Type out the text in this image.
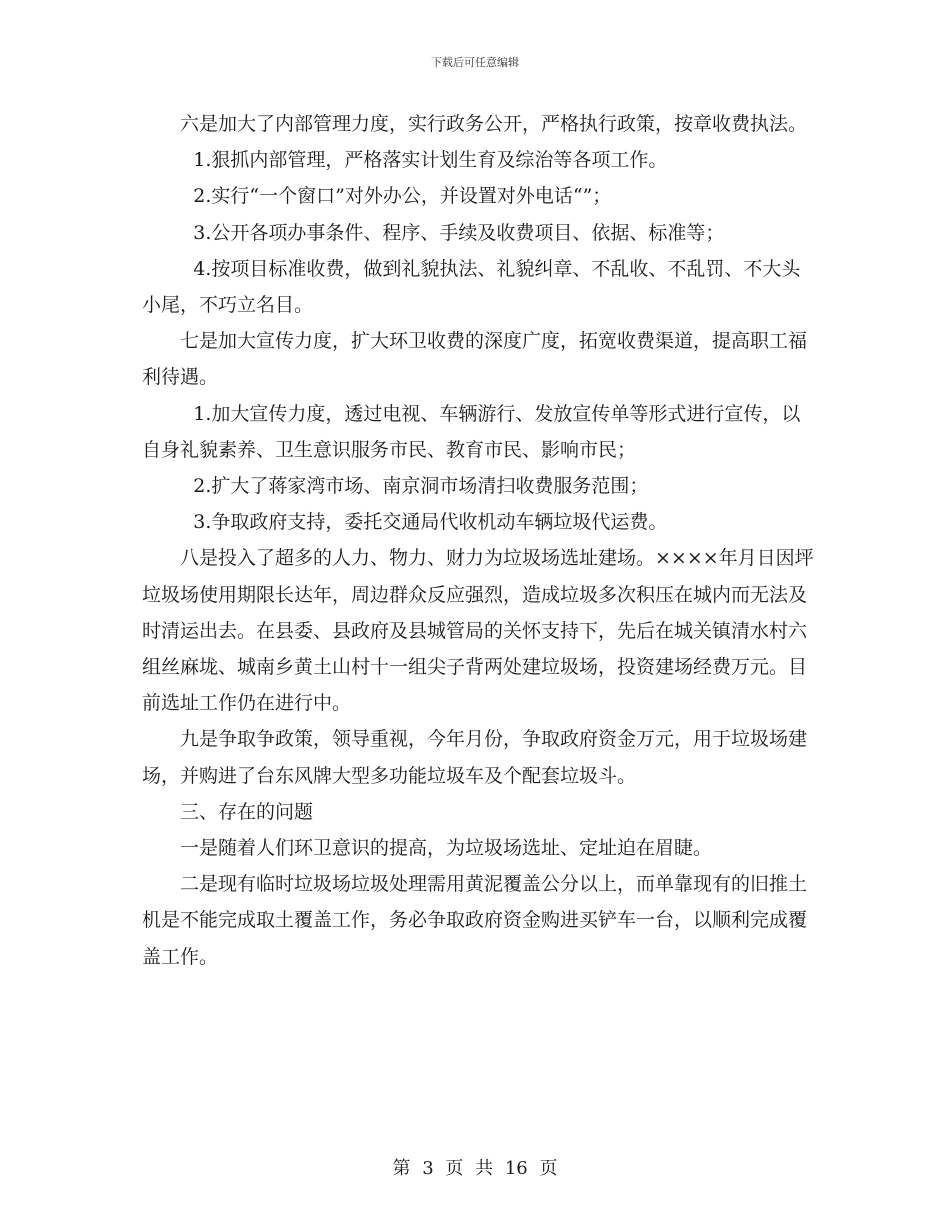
下载后可任意编辑

六是加大了内部管理力度，实行政务公开，严格执行政策，按章收费执法。

1.狠抓内部管理，严格落实计划生育及综治等各项工作。

2.实行“一个窗口”对外办公，并设置对外电话“”；

3.公开各项办事条件、程序、手续及收费项目、依据、标准等；

4.按项目标准收费，做到礼貌执法、礼貌纠章、不乱收、不乱罚、不大头小尾，不巧立名目。

七是加大宣传力度，扩大环卫收费的深度广度，拓宽收费渠道，提高职工福利待遇。

1.加大宣传力度，透过电视、车辆游行、发放宣传单等形式进行宣传，以自身礼貌素养、卫生意识服务市民、教育市民、影响市民；

2.扩大了蒋家湾市场、南京洞市场清扫收费服务范围；

3.争取政府支持，委托交通局代收机动车辆垃圾代运费。

八是投入了超多的人力、物力、财力为垃圾场选址建场。××××年月日因坪垃圾场使用期限长达年，周边群众反应强烈，造成垃圾多次积压在城内而无法及时清运出去。在县委、县政府及县城管局的关怀支持下，先后在城关镇清水村六组丝麻垅、城南乡黄土山村十一组尖子背两处建垃圾场，投资建场经费万元。目前选址工作仍在进行中。

九是争取争政策，领导重视，今年月份，争取政府资金万元，用于垃圾场建场，并购进了台东风牌大型多功能垃圾车及个配套垃圾斗。

三、存在的问题

一是随着人们环卫意识的提高，为垃圾场选址、定址迫在眉睫。

二是现有临时垃圾场垃圾处理需用黄泥覆盖公分以上，而单靠现有的旧推土机是不能完成取土覆盖工作，务必争取政府资金购进买铲车一台，以顺利完成覆盖工作。

第 3 页 共 16 页
